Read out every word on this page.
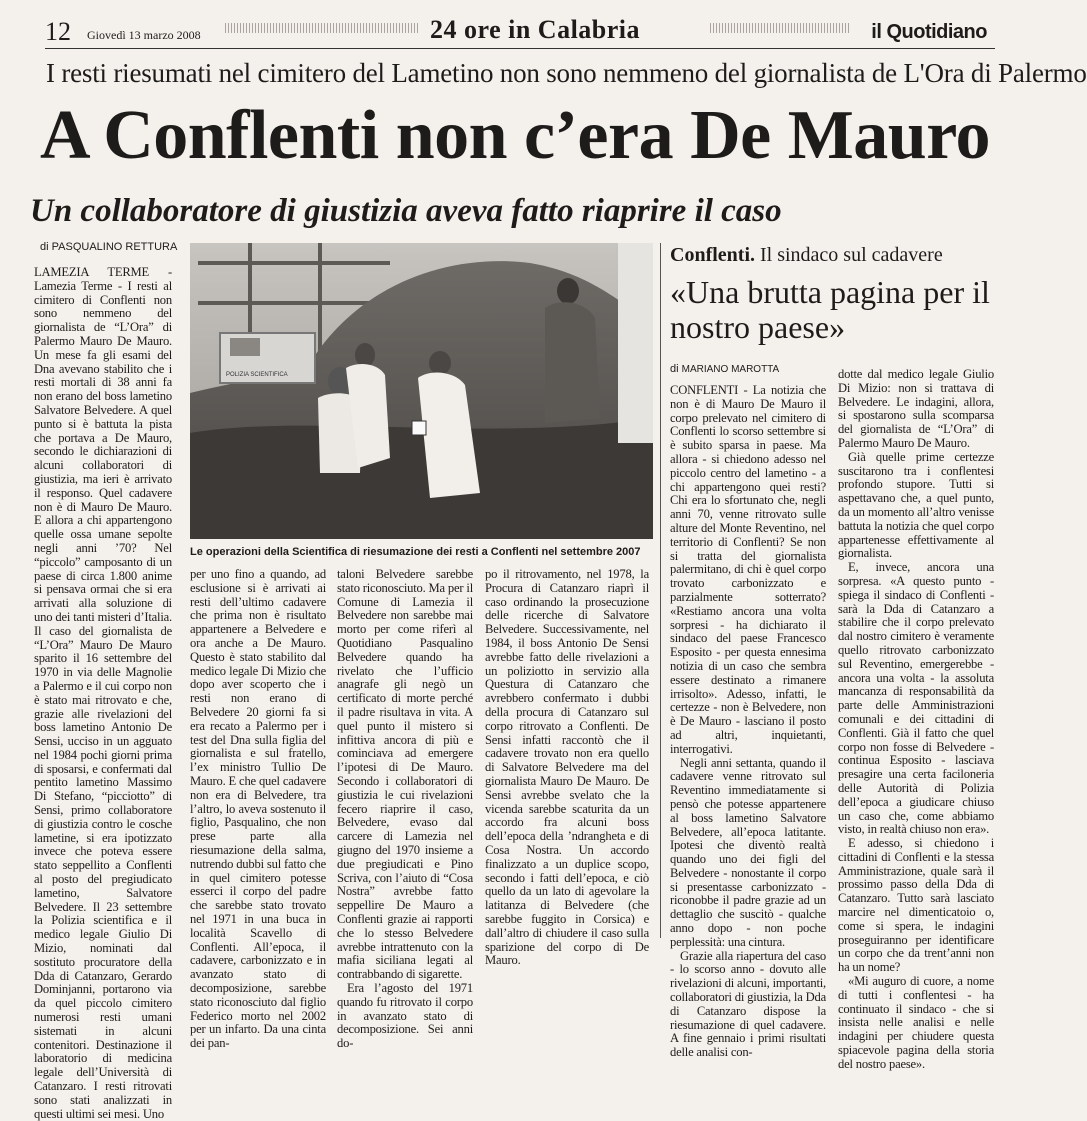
12 Giovedì 13 marzo 2008	24 ore in Calabria	il Quotidiano
I resti riesumati nel cimitero del Lametino non sono nemmeno del giornalista de L'Ora di Palermo
A Conflenti non c’era De Mauro
Un collaboratore di giustizia aveva fatto riaprire il caso
di PASQUALINO RETTURA

LAMEZIA TERME -Lamezia Terme - I resti al cimitero di Conflenti non sono nemmeno del giornalista de “L’Ora” di Palermo Mauro De Mauro. Un mese fa gli esami del Dna avevano stabilito che i resti mortali di 38 anni fa non erano del boss lametino Salvatore Belvedere. A quel punto si è battuta la pista che portava a De Mauro, secondo le dichiarazioni di alcuni collaboratori di giustizia, ma ieri è arrivato il responso. Quel cadavere non è di Mauro De Mauro. E allora a chi appartengono quelle ossa umane sepolte negli anni ’70? Nel “piccolo” camposanto di un paese di circa 1.800 anime si pensava ormai che si era arrivati alla soluzione di uno dei tanti misteri d’Italia. Il caso del giornalista de “L’Ora” Mauro De Mauro sparito il 16 settembre del 1970 in via delle Magnolie a Palermo e il cui corpo non è stato mai ritrovato e che, grazie alle rivelazioni del boss lametino Antonio De Sensi, ucciso in un agguato nel 1984 pochi giorni prima di sposarsi, e confermati dal pentito lametino Massimo Di Stefano, “picciotto” di Sensi, primo collaboratore di giustizia contro le cosche lametine, si era ipotizzato invece che poteva essere stato seppellito a Conflenti al posto del pregiudicato lametino, Salvatore Belvedere. Il 23 settembre la Polizia scientifica e il medico legale Giulio Di Mizio, nominati dal sostituto procuratore della Dda di Catanzaro, Gerardo Dominjanni, portarono via da quel piccolo cimitero numerosi resti umani sistemati in alcuni contenitori. Destinazione il laboratorio di medicina legale dell’Università di Catanzaro. I resti ritrovati sono stati analizzati in questi ultimi sei mesi. Uno

POLIZIA SCIENTIFICA
Le operazioni della Scientifica di riesumazione dei resti a Conflenti nel settembre 2007

per uno fino a quando, ad esclusione si è arrivati ai resti dell’ultimo cadavere che prima non è risultato appartenere a Belvedere e ora anche a De Mauro. Questo è stato stabilito dal medico legale Di Mizio che dopo aver scoperto che i resti non erano di Belvedere 20 giorni fa si era recato a Palermo per i test del Dna sulla figlia del giornalista e sul fratello, l’ex ministro Tullio De Mauro. E che quel cadavere non era di Belvedere, tra l’altro, lo aveva sostenuto il figlio, Pasqualino, che non prese parte alla riesumazione della salma, nutrendo dubbi sul fatto che in quel cimitero potesse esserci il corpo del padre che sarebbe stato trovato nel 1971 in una buca in località Scavello di Conflenti. All’epoca, il cadavere, carbonizzato e in avanzato stato di decomposizione, sarebbe stato riconosciuto dal figlio Federico morto nel 2002 per un infarto. Da una cinta dei pan-

taloni Belvedere sarebbe stato riconosciuto. Ma per il Comune di Lamezia il Belvedere non sarebbe mai morto per come riferì al Quotidiano Pasqualino Belvedere quando ha rivelato che l’ufficio anagrafe gli negò un certificato di morte perché il padre risultava in vita. A quel punto il mistero si infittiva ancora di più e cominciava ad emergere l’ipotesi di De Mauro. Secondo i collaboratori di giustizia le cui rivelazioni fecero riaprire il caso, Belvedere, evaso dal carcere di Lamezia nel giugno del 1970 insieme a due pregiudicati e Pino Scriva, con l’aiuto di “Cosa Nostra” avrebbe fatto seppellire De Mauro a Conflenti grazie ai rapporti che lo stesso Belvedere avrebbe intrattenuto con la mafia siciliana legati al contrabbando di sigarette.

Era l’agosto del 1971 quando fu ritrovato il corpo in avanzato stato di decomposizione. Sei anni do-

po il ritrovamento, nel 1978, la Procura di Catanzaro riaprì il caso ordinando la prosecuzione delle ricerche di Salvatore Belvedere. Successivamente, nel 1984, il boss Antonio De Sensi avrebbe fatto delle rivelazioni a un poliziotto in servizio alla Questura di Catanzaro che avrebbero confermato i dubbi della procura di Catanzaro sul corpo ritrovato a Conflenti. De Sensi infatti raccontò che il cadavere trovato non era quello di Salvatore Belvedere ma del giornalista Mauro De Mauro. De Sensi avrebbe svelato che la vicenda sarebbe scaturita da un accordo fra alcuni boss dell’epoca della ’ndrangheta e di Cosa Nostra. Un accordo finalizzato a un duplice scopo, secondo i fatti dell’epoca, e ciò quello da un lato di agevolare la latitanza di Belvedere (che sarebbe fuggito in Corsica) e dall’altro di chiudere il caso sulla sparizione del corpo di De Mauro.

Conflenti. Il sindaco sul cadavere
«Una brutta pagina per il nostro paese»
di MARIANO MAROTTA

CONFLENTI - La notizia che non è di Mauro De Mauro il corpo prelevato nel cimitero di Conflenti lo scorso settembre si è subito sparsa in paese. Ma allora - si chiedono adesso nel piccolo centro del lametino - a chi appartengono quei resti? Chi era lo sfortunato che, negli anni 70, venne ritrovato sulle alture del Monte Reventino, nel territorio di Conflenti? Se non si tratta del giornalista palermitano, di chi è quel corpo trovato carbonizzato e parzialmente sotterrato? «Restiamo ancora una volta sorpresi - ha dichiarato il sindaco del paese Francesco Esposito - per questa ennesima notizia di un caso che sembra essere destinato a rimanere irrisolto». Adesso, infatti, le certezze - non è Belvedere, non è De Mauro - lasciano il posto ad altri, inquietanti, interrogativi.

Negli anni settanta, quando il cadavere venne ritrovato sul Reventino immediatamente si pensò che potesse appartenere al boss lametino Salvatore Belvedere, all’epoca latitante. Ipotesi che diventò realtà quando uno dei figli del Belvedere - nonostante il corpo si presentasse carbonizzato - riconobbe il padre grazie ad un dettaglio che suscitò - qualche anno dopo - non poche perplessità: una cintura.

Grazie alla riapertura del caso - lo scorso anno - dovuto alle rivelazioni di alcuni, importanti, collaboratori di giustizia, la Dda di Catanzaro dispose la riesumazione di quel cadavere. A fine gennaio i primi risultati delle analisi con-

dotte dal medico legale Giulio Di Mizio: non si trattava di Belvedere. Le indagini, allora, si spostarono sulla scomparsa del giornalista de “L’Ora” di Palermo Mauro De Mauro.

Già quelle prime certezze suscitarono tra i conflentesi profondo stupore. Tutti si aspettavano che, a quel punto, da un momento all’altro venisse battuta la notizia che quel corpo appartenesse effettivamente al giornalista.

E, invece, ancora una sorpresa. «A questo punto - spiega il sindaco di Conflenti - sarà la Dda di Catanzaro a stabilire che il corpo prelevato dal nostro cimitero è veramente quello ritrovato carbonizzato sul Reventino, emergerebbe - ancora una volta - la assoluta mancanza di responsabilità da parte delle Amministrazioni comunali e dei cittadini di Conflenti. Già il fatto che quel corpo non fosse di Belvedere - continua Esposito - lasciava presagire una certa faciloneria delle Autorità di Polizia dell’epoca a giudicare chiuso un caso che, come abbiamo visto, in realtà chiuso non era».

E adesso, si chiedono i cittadini di Conflenti e la stessa Amministrazione, quale sarà il prossimo passo della Dda di Catanzaro. Tutto sarà lasciato marcire nel dimenticatoio o, come si spera, le indagini proseguiranno per identificare un corpo che da trent’anni non ha un nome?

«Mi auguro di cuore, a nome di tutti i conflentesi - ha continuato il sindaco - che si insista nelle analisi e nelle indagini per chiudere questa spiacevole pagina della storia del nostro paese».
